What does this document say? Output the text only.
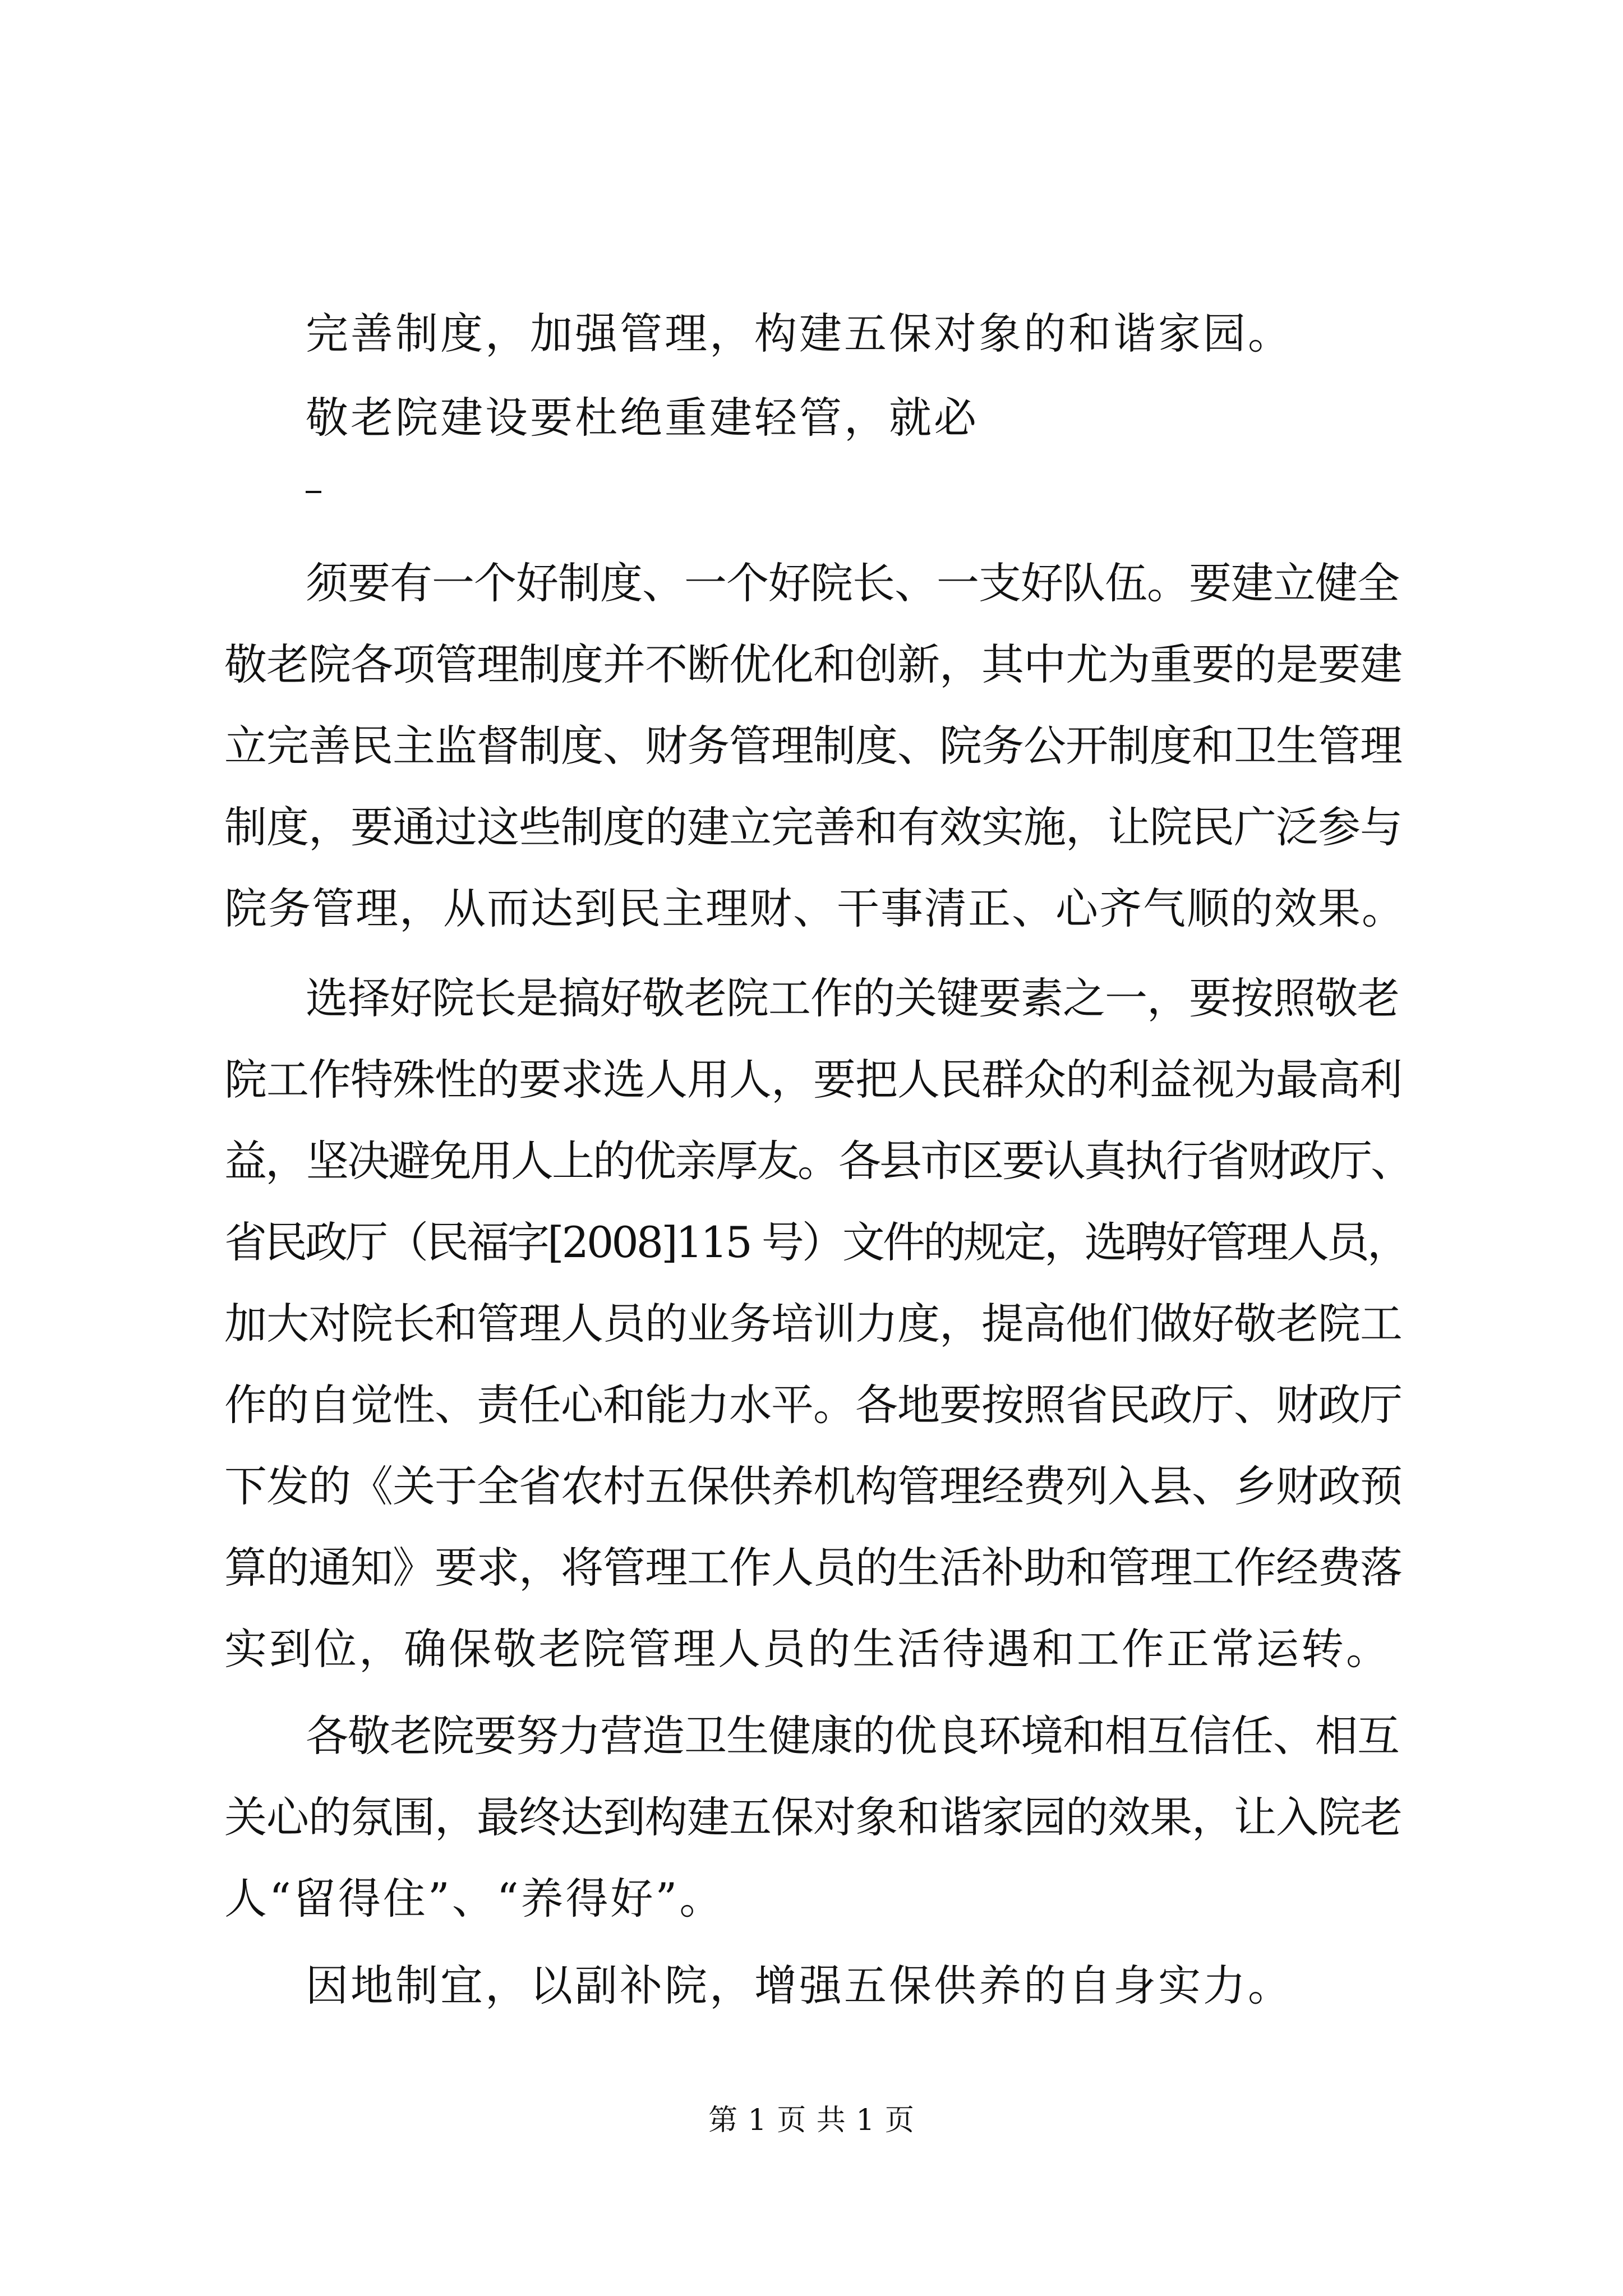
完善制度，加强管理，构建五保对象的和谐家园。
敬老院建设要杜绝重建轻管，就必
须要有一个好制度、一个好院长、一支好队伍。要建立健全
敬老院各项管理制度并不断优化和创新，其中尤为重要的是要建
立完善民主监督制度、财务管理制度、院务公开制度和卫生管理
制度，要通过这些制度的建立完善和有效实施，让院民广泛参与
院务管理，从而达到民主理财、干事清正、心齐气顺的效果。
选择好院长是搞好敬老院工作的关键要素之一，要按照敬老
院工作特殊性的要求选人用人，要把人民群众的利益视为最高利
益，坚决避免用人上的优亲厚友。各县市区要认真执行省财政厅、
省民政厅（民福字[2008]115 号）文件的规定，选聘好管理人员，
加大对院长和管理人员的业务培训力度，提高他们做好敬老院工
作的自觉性、责任心和能力水平。各地要按照省民政厅、财政厅
下发的《关于全省农村五保供养机构管理经费列入县、乡财政预
算的通知》要求，将管理工作人员的生活补助和管理工作经费落
实到位，确保敬老院管理人员的生活待遇和工作正常运转。
各敬老院要努力营造卫生健康的优良环境和相互信任、相互
关心的氛围，最终达到构建五保对象和谐家园的效果，让入院老
人“留得住”、“养得好”。
因地制宜，以副补院，增强五保供养的自身实力。
第 1 页 共 1 页
